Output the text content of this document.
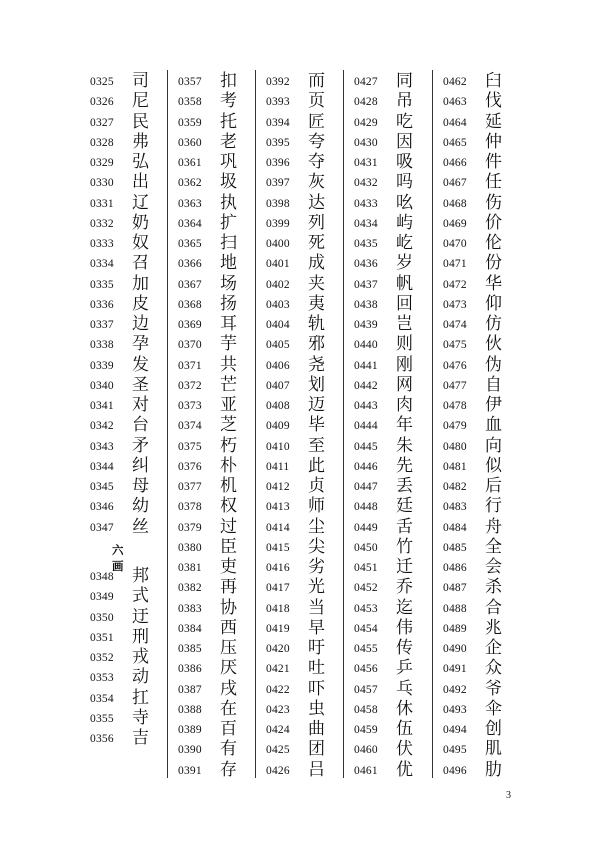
0325 司
0326 尼
0327 民
0328 弗
0329 弘
0330 出
0331 辽
0332 奶
0333 奴
0334 召
0335 加
0336 皮
0337 边
0338 孕
0339 发
0340 圣
0341 对
0342 台
0343 矛
0344 纠
0345 母
0346 幼
0347 丝
六画
0348 邦
0349 式
0350 迂
0351 刑
0352 戎
0353 动
0354 扛
0355 寺
0356 吉
0357 扣
0358 考
0359 托
0360 老
0361 巩
0362 圾
0363 执
0364 扩
0365 扫
0366 地
0367 场
0368 扬
0369 耳
0370 芋
0371 共
0372 芒
0373 亚
0374 芝
0375 朽
0376 朴
0377 机
0378 权
0379 过
0380 臣
0381 吏
0382 再
0383 协
0384 西
0385 压
0386 厌
0387 戌
0388 在
0389 百
0390 有
0391 存
0392 而
0393 页
0394 匠
0395 夸
0396 夺
0397 灰
0398 达
0399 列
0400 死
0401 成
0402 夹
0403 夷
0404 轨
0405 邪
0406 尧
0407 划
0408 迈
0409 毕
0410 至
0411 此
0412 贞
0413 师
0414 尘
0415 尖
0416 劣
0417 光
0418 当
0419 早
0420 吁
0421 吐
0422 吓
0423 虫
0424 曲
0425 团
0426 吕
0427 同
0428 吊
0429 吃
0430 因
0431 吸
0432 吗
0433 吆
0434 屿
0435 屹
0436 岁
0437 帆
0438 回
0439 岂
0440 则
0441 刚
0442 网
0443 肉
0444 年
0445 朱
0446 先
0447 丢
0448 廷
0449 舌
0450 竹
0451 迁
0452 乔
0453 迄
0454 伟
0455 传
0456 乒
0457 乓
0458 休
0459 伍
0460 伏
0461 优
0462 臼
0463 伐
0464 延
0465 仲
0466 件
0467 任
0468 伤
0469 价
0470 伦
0471 份
0472 华
0473 仰
0474 仿
0475 伙
0476 伪
0477 自
0478 伊
0479 血
0480 向
0481 似
0482 后
0483 行
0484 舟
0485 全
0486 会
0487 杀
0488 合
0489 兆
0490 企
0491 众
0492 爷
0493 伞
0494 创
0495 肌
0496 肋
3
